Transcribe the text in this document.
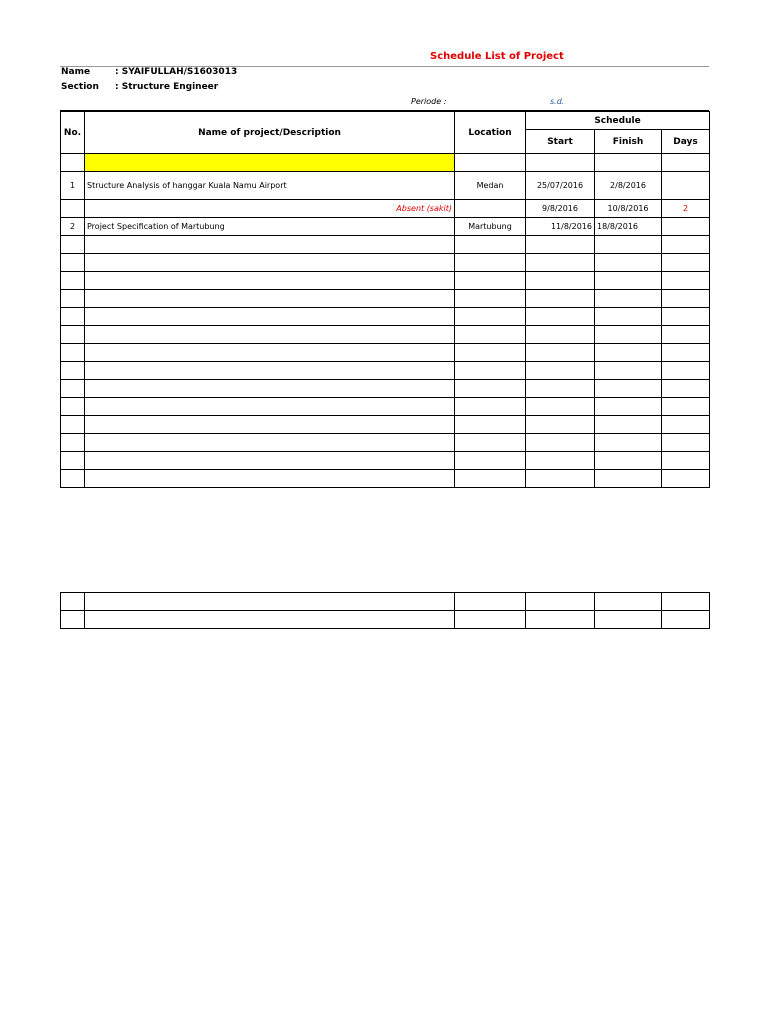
Schedule List of Project
Name	: SYAIFULLAH/S1603013
Section : Structure Engineer
Periode :	s.d.
No.	Name of project/Description	Location	Schedule		
			Start	Finish	Days

1	Structure Analysis of hanggar Kuala Namu Airport	Medan	25/07/2016	2/8/2016	
	Absent (sakit)		9/8/2016	10/8/2016	2
2	Project Specification of Martubung	Martubung	11/8/2016	18/8/2016	
